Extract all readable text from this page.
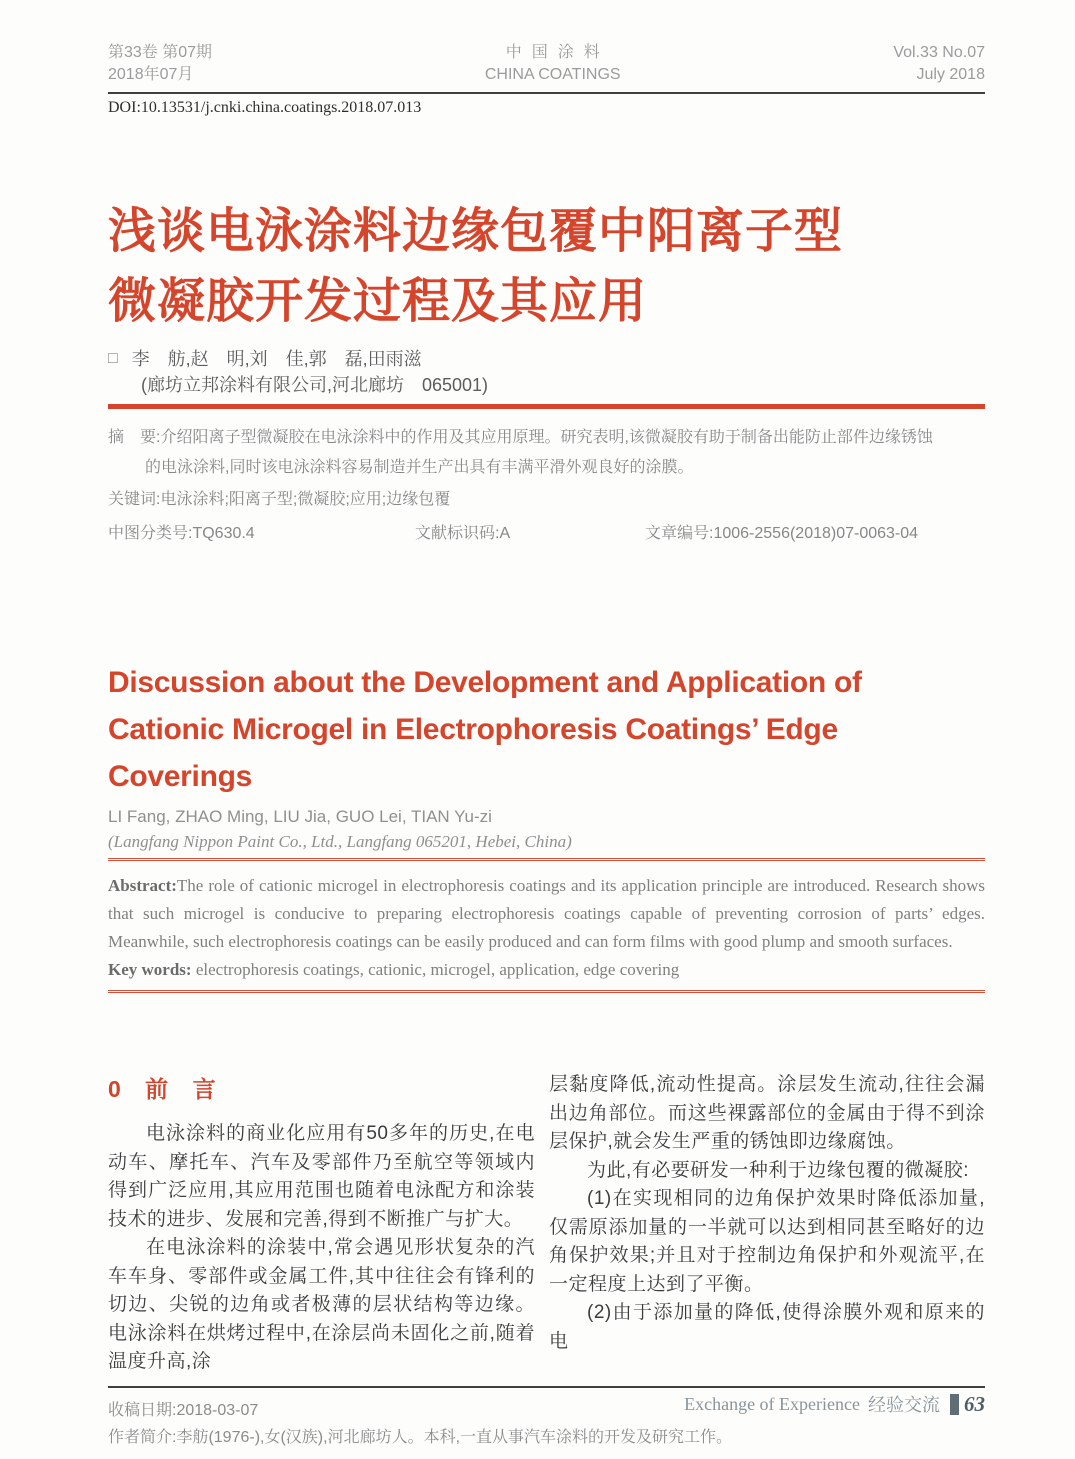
第33卷 第07期
2018年07月
中国涂料
CHINA COATINGS
Vol.33 No.07
July 2018
DOI:10.13531/j.cnki.china.coatings.2018.07.013
浅谈电泳涂料边缘包覆中阳离子型
微凝胶开发过程及其应用
□ 李　舫,赵　明,刘　佳,郭　磊,田雨滋
(廊坊立邦涂料有限公司,河北廊坊　065001)
摘　要:介绍阳离子型微凝胶在电泳涂料中的作用及其应用原理。研究表明,该微凝胶有助于制备出能防止部件边缘锈蚀
的电泳涂料,同时该电泳涂料容易制造并生产出具有丰满平滑外观良好的涂膜。
关键词:电泳涂料;阳离子型;微凝胶;应用;边缘包覆
中图分类号:TQ630.4	文献标识码:A	文章编号:1006-2556(2018)07-0063-04
Discussion about the Development and Application of Cationic Microgel in Electrophoresis Coatings’ Edge Coverings
LI Fang, ZHAO Ming, LIU Jia, GUO Lei, TIAN Yu-zi
(Langfang Nippon Paint Co., Ltd., Langfang 065201, Hebei, China)
Abstract:The role of cationic microgel in electrophoresis coatings and its application principle are introduced. Research shows that such microgel is conducive to preparing electrophoresis coatings capable of preventing corrosion of parts’ edges. Meanwhile, such electrophoresis coatings can be easily produced and can form films with good plump and smooth surfaces.
Key words: electrophoresis coatings, cationic, microgel, application, edge covering
0 前 言

电泳涂料的商业化应用有50多年的历史,在电动车、摩托车、汽车及零部件乃至航空等领域内得到广泛应用,其应用范围也随着电泳配方和涂装技术的进步、发展和完善,得到不断推广与扩大。

在电泳涂料的涂装中,常会遇见形状复杂的汽车车身、零部件或金属工件,其中往往会有锋利的切边、尖锐的边角或者极薄的层状结构等边缘。电泳涂料在烘烤过程中,在涂层尚未固化之前,随着温度升高,涂

层黏度降低,流动性提高。涂层发生流动,往往会漏出边角部位。而这些裸露部位的金属由于得不到涂层保护,就会发生严重的锈蚀即边缘腐蚀。

为此,有必要研发一种利于边缘包覆的微凝胶:

(1)在实现相同的边角保护效果时降低添加量,仅需原添加量的一半就可以达到相同甚至略好的边角保护效果;并且对于控制边角保护和外观流平,在一定程度上达到了平衡。

(2)由于添加量的降低,使得涂膜外观和原来的电

收稿日期:2018-03-07
作者简介:李舫(1976-),女(汉族),河北廊坊人。本科,一直从事汽车涂料的开发及研究工作。
Exchange of Experience 经验交流 63
